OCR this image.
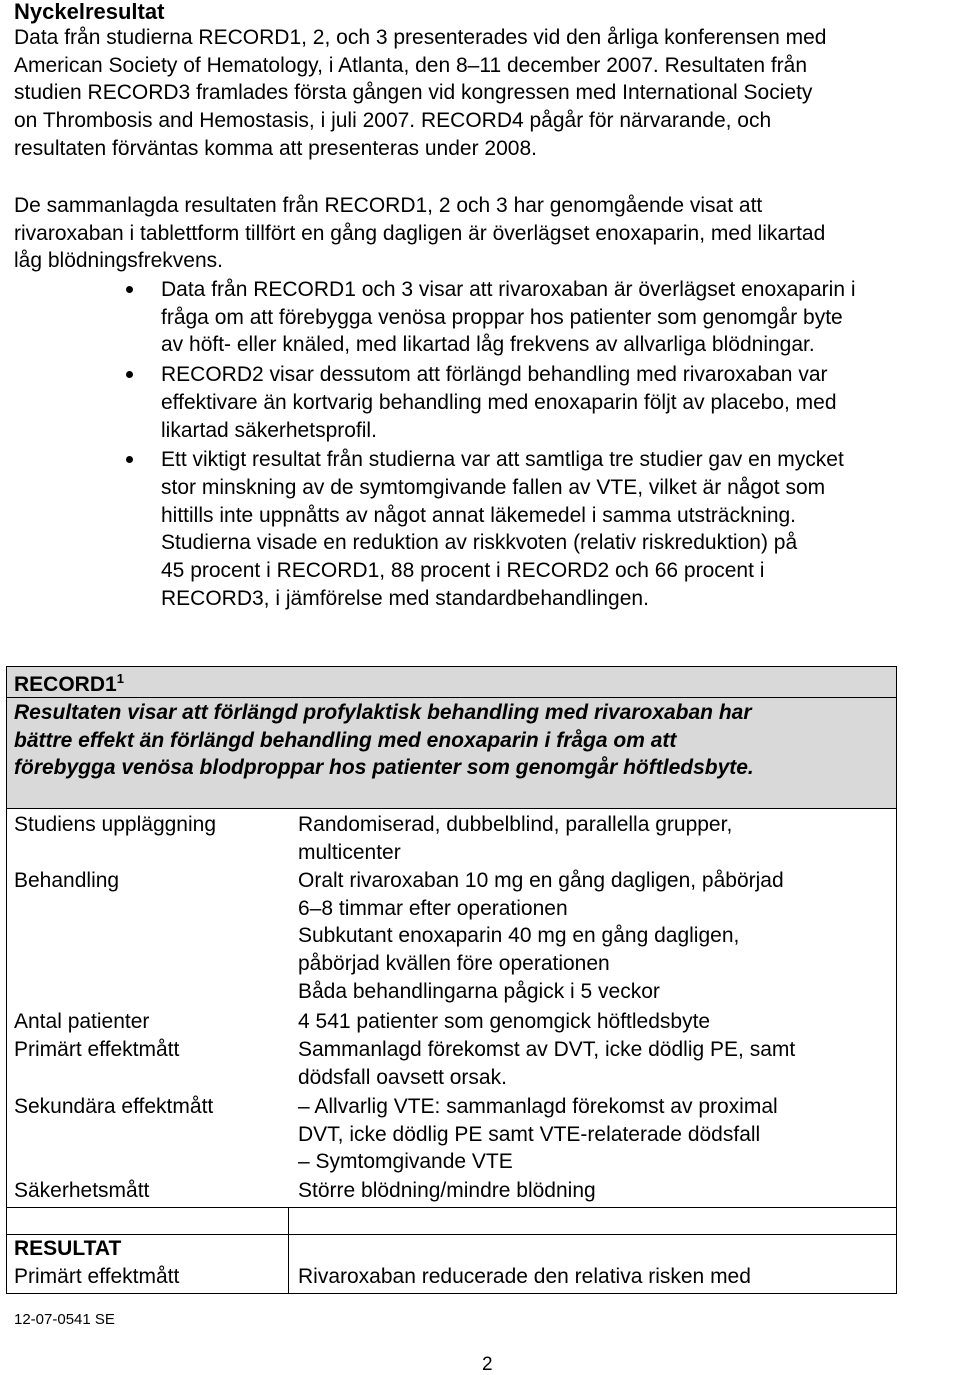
Nyckelresultat
Data från studierna RECORD1, 2, och 3 presenterades vid den årliga konferensen med
American Society of Hematology, i Atlanta, den 8–11 december 2007. Resultaten från
studien RECORD3 framlades första gången vid kongressen med International Society
on Thrombosis and Hemostasis, i juli 2007. RECORD4 pågår för närvarande, och
resultaten förväntas komma att presenteras under 2008.
De sammanlagda resultaten från RECORD1, 2 och 3 har genomgående visat att
rivaroxaban i tablettform tillfört en gång dagligen är överlägset enoxaparin, med likartad
låg blödningsfrekvens.
Data från RECORD1 och 3 visar att rivaroxaban är överlägset enoxaparin i
fråga om att förebygga venösa proppar hos patienter som genomgår byte
av höft- eller knäled, med likartad låg frekvens av allvarliga blödningar.
RECORD2 visar dessutom att förlängd behandling med rivaroxaban var
effektivare än kortvarig behandling med enoxaparin följt av placebo, med
likartad säkerhetsprofil.
Ett viktigt resultat från studierna var att samtliga tre studier gav en mycket
stor minskning av de symtomgivande fallen av VTE, vilket är något som
hittills inte uppnåtts av något annat läkemedel i samma utsträckning.
Studierna visade en reduktion av riskkvoten (relativ riskreduktion) på
45 procent i RECORD1, 88 procent i RECORD2 och 66 procent i
RECORD3, i jämförelse med standardbehandlingen.
$RECORD1^1$
Resultaten visar att förlängd profylaktisk behandling med rivaroxaban har
bättre effekt än förlängd behandling med enoxaparin i fråga om att
förebygga venösa blodproppar hos patienter som genomgår höftledsbyte.
Studiens uppläggning	Randomiserad, dubbelblind, parallella grupper,
multicenter
Behandling	Oralt rivaroxaban 10 mg en gång dagligen, påbörjad
6–8 timmar efter operationen
Subkutant enoxaparin 40 mg en gång dagligen,
påbörjad kvällen före operationen
Båda behandlingarna pågick i 5 veckor
Antal patienter	4 541 patienter som genomgick höftledsbyte
Primärt effektmått	Sammanlagd förekomst av DVT, icke dödlig PE, samt
dödsfall oavsett orsak.
Sekundära effektmått	– Allvarlig VTE: sammanlagd förekomst av proximal
DVT, icke dödlig PE samt VTE-relaterade dödsfall
– Symtomgivande VTE
Säkerhetsmått	Större blödning/mindre blödning
RESULTAT
Primärt effektmått	Rivaroxaban reducerade den relativa risken med
12-07-0541 SE
2
